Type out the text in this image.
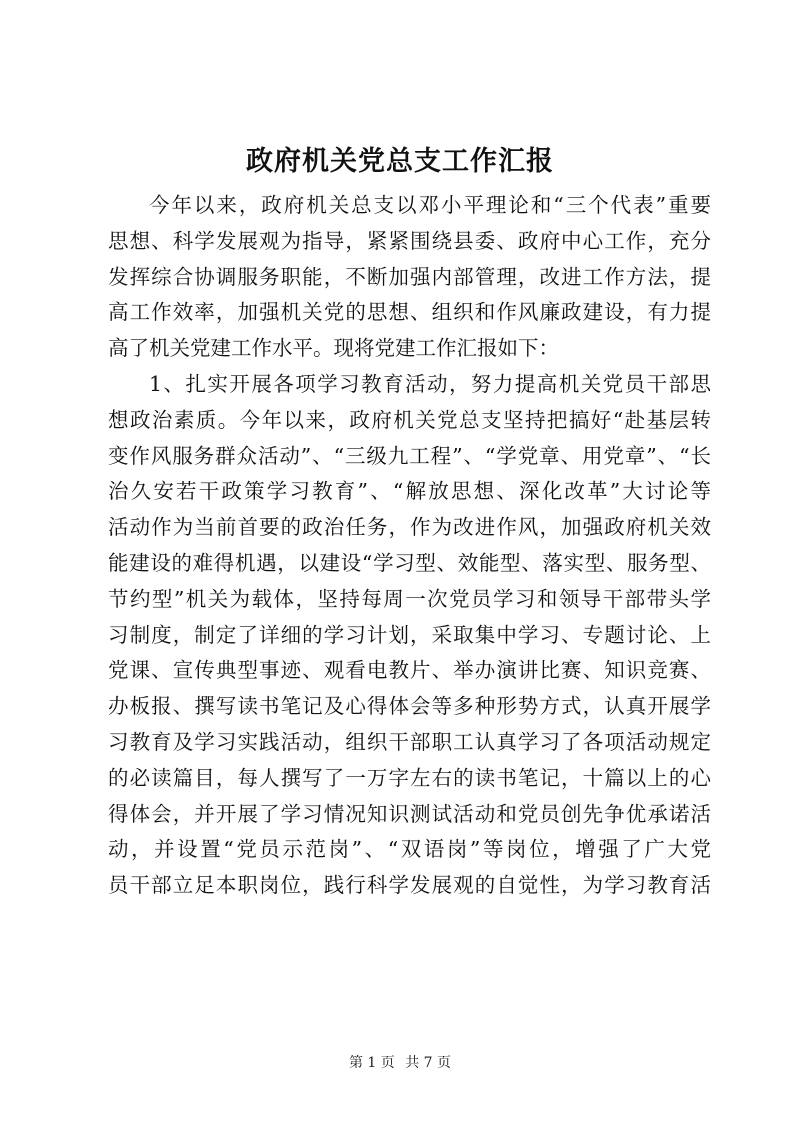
政府机关党总支工作汇报
今年以来，政府机关总支以邓小平理论和“三个代表”重要
思想、科学发展观为指导，紧紧围绕县委、政府中心工作，充分
发挥综合协调服务职能，不断加强内部管理，改进工作方法，提
高工作效率，加强机关党的思想、组织和作风廉政建设，有力提
高了机关党建工作水平。现将党建工作汇报如下：
1、扎实开展各项学习教育活动，努力提高机关党员干部思
想政治素质。今年以来，政府机关党总支坚持把搞好“赴基层转
变作风服务群众活动”、“三级九工程”、“学党章、用党章”、“长
治久安若干政策学习教育”、“解放思想、深化改革”大讨论等
活动作为当前首要的政治任务，作为改进作风，加强政府机关效
能建设的难得机遇，以建设“学习型、效能型、落实型、服务型、
节约型”机关为载体，坚持每周一次党员学习和领导干部带头学
习制度，制定了详细的学习计划，采取集中学习、专题讨论、上
党课、宣传典型事迹、观看电教片、举办演讲比赛、知识竞赛、
办板报、撰写读书笔记及心得体会等多种形势方式，认真开展学
习教育及学习实践活动，组织干部职工认真学习了各项活动规定
的必读篇目，每人撰写了一万字左右的读书笔记，十篇以上的心
得体会，并开展了学习情况知识测试活动和党员创先争优承诺活
动，并设置“党员示范岗”、“双语岗”等岗位，增强了广大党
员干部立足本职岗位，践行科学发展观的自觉性，为学习教育活
第 1 页 共 7 页
